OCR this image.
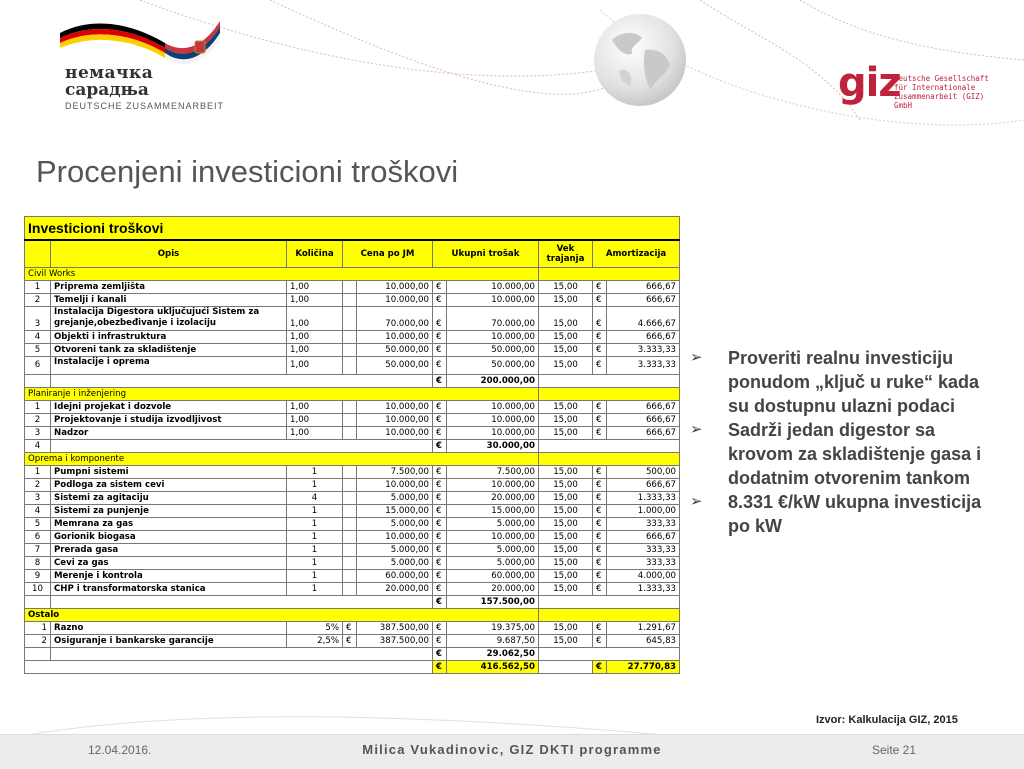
немачка
сарадња
DEUTSCHE ZUSAMMENARBEIT	giz
Deutsche Gesellschaft
für Internationale
Zusammenarbeit (GIZ) GmbH
Procenjeni investicioni troškovi
Investicioni troškovi									
	Opis	Količina	Cena po JM		Ukupni trošak		Vek trajanja	Amortizacija	
Civil Works									
1	Priprema zemljišta	1,00		10.000,00	€	10.000,00	15,00	€	666,67
2	Temelji i kanali	1,00		10.000,00	€	10.000,00	15,00	€	666,67
3	Instalacija Digestora uključujući Sistem za grejanje,obezbeđivanje i izolaciju	1,00		70.000,00	€	70.000,00	15,00	€	4.666,67
4	Objekti i infrastruktura	1,00		10.000,00	€	10.000,00	15,00	€	666,67
5	Otvoreni tank za skladištenje	1,00		50.000,00	€	50.000,00	15,00	€	3.333,33
6	Instalacije i oprema	1,00		50.000,00	€	50.000,00	15,00	€	3.333,33
					€	200.000,00			
Planiranje i inženjering									
1	Idejni projekat i dozvole	1,00		10.000,00	€	10.000,00	15,00	€	666,67
2	Projektovanje i studija izvodljivost	1,00		10.000,00	€	10.000,00	15,00	€	666,67
3	Nadzor	1,00		10.000,00	€	10.000,00	15,00	€	666,67
4					€	30.000,00			
Oprema i komponente									
1	Pumpni sistemi	1		7.500,00	€	7.500,00	15,00	€	500,00
2	Podloga za sistem cevi	1		10.000,00	€	10.000,00	15,00	€	666,67
3	Sistemi za agitaciju	4		5.000,00	€	20.000,00	15,00	€	1.333,33
4	Sistemi za punjenje	1		15.000,00	€	15.000,00	15,00	€	1.000,00
5	Memrana za gas	1		5.000,00	€	5.000,00	15,00	€	333,33
6	Gorionik biogasa	1		10.000,00	€	10.000,00	15,00	€	666,67
7	Prerada gasa	1		5.000,00	€	5.000,00	15,00	€	333,33
8	Cevi za gas	1		5.000,00	€	5.000,00	15,00	€	333,33
9	Merenje i kontrola	1		60.000,00	€	60.000,00	15,00	€	4.000,00
10	CHP i transformatorska stanica	1		20.000,00	€	20.000,00	15,00	€	1.333,33
					€	157.500,00			
Ostalo									
1	Razno	5%	€	387.500,00	€	19.375,00	15,00	€	1.291,67
2	Osiguranje i bankarske garancije	2,5%	€	387.500,00	€	9.687,50	15,00	€	645,83
					€	29.062,50			
					€	416.562,50		€	27.770,83
➢ Proveriti realnu investiciju ponudom „ključ u ruke“ kada su dostupnu ulazni podaci
➢ Sadrži jedan digestor sa krovom za skladištenje gasa i dodatnim otvorenim tankom
➢ 8.331 €/kW ukupna investicija po kW
Izvor: Kalkulacija GIZ, 2015
12.04.2016.	Milica Vukadinovic, GIZ DKTI programme	Seite 21
